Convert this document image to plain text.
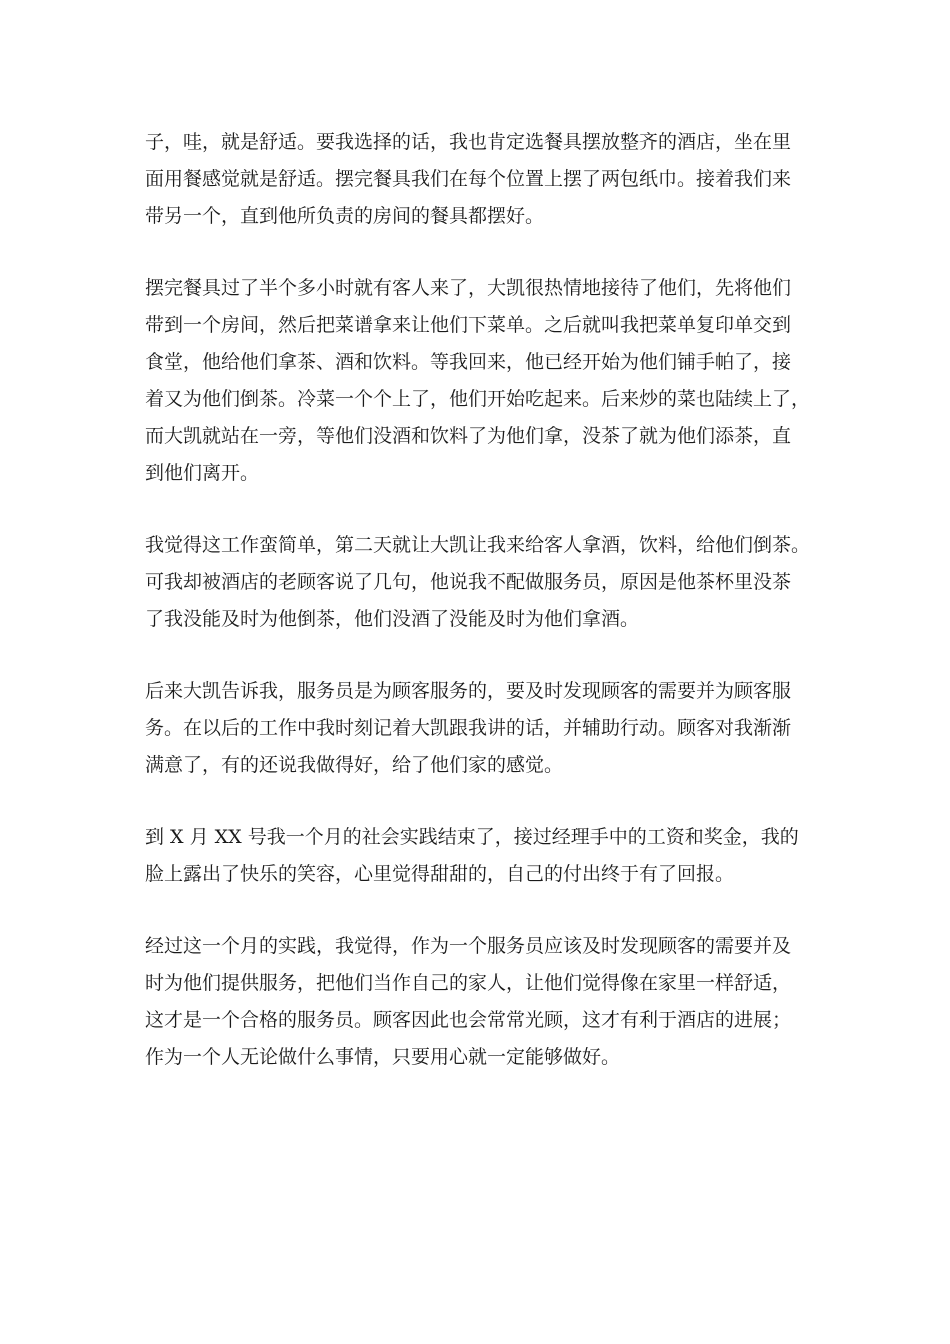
子，哇，就是舒适。要我选择的话，我也肯定选餐具摆放整齐的酒店，坐在里
面用餐感觉就是舒适。摆完餐具我们在每个位置上摆了两包纸巾。接着我们来
带另一个，直到他所负责的房间的餐具都摆好。

摆完餐具过了半个多小时就有客人来了，大凯很热情地接待了他们，先将他们
带到一个房间，然后把菜谱拿来让他们下菜单。之后就叫我把菜单复印单交到
食堂，他给他们拿茶、酒和饮料。等我回来，他已经开始为他们铺手帕了，接
着又为他们倒茶。冷菜一个个上了，他们开始吃起来。后来炒的菜也陆续上了，
而大凯就站在一旁，等他们没酒和饮料了为他们拿，没茶了就为他们添茶，直
到他们离开。

我觉得这工作蛮简单，第二天就让大凯让我来给客人拿酒，饮料，给他们倒茶。
可我却被酒店的老顾客说了几句，他说我不配做服务员，原因是他茶杯里没茶
了我没能及时为他倒茶，他们没酒了没能及时为他们拿酒。

后来大凯告诉我，服务员是为顾客服务的，要及时发现顾客的需要并为顾客服
务。在以后的工作中我时刻记着大凯跟我讲的话，并辅助行动。顾客对我渐渐
满意了，有的还说我做得好，给了他们家的感觉。

到 X 月 XX 号我一个月的社会实践结束了，接过经理手中的工资和奖金，我的
脸上露出了快乐的笑容，心里觉得甜甜的，自己的付出终于有了回报。

经过这一个月的实践，我觉得，作为一个服务员应该及时发现顾客的需要并及
时为他们提供服务，把他们当作自己的家人，让他们觉得像在家里一样舒适，
这才是一个合格的服务员。顾客因此也会常常光顾，这才有利于酒店的进展；
作为一个人无论做什么事情，只要用心就一定能够做好。
